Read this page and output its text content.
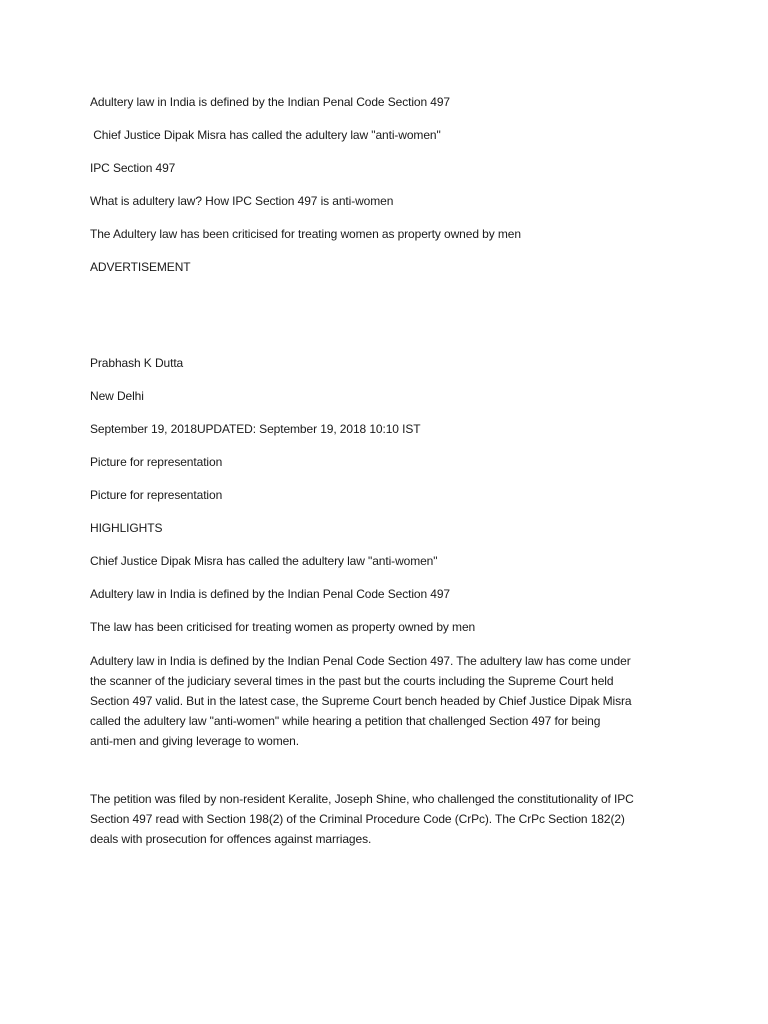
Adultery law in India is defined by the Indian Penal Code Section 497

Chief Justice Dipak Misra has called the adultery law "anti-women"

IPC Section 497

What is adultery law? How IPC Section 497 is anti-women

The Adultery law has been criticised for treating women as property owned by men

ADVERTISEMENT

Prabhash K Dutta

New Delhi

September 19, 2018UPDATED: September 19, 2018 10:10 IST

Picture for representation

Picture for representation

HIGHLIGHTS

Chief Justice Dipak Misra has called the adultery law "anti-women"

Adultery law in India is defined by the Indian Penal Code Section 497

The law has been criticised for treating women as property owned by men

Adultery law in India is defined by the Indian Penal Code Section 497. The adultery law has come under

the scanner of the judiciary several times in the past but the courts including the Supreme Court held

Section 497 valid. But in the latest case, the Supreme Court bench headed by Chief Justice Dipak Misra

called the adultery law "anti-women" while hearing a petition that challenged Section 497 for being

anti-men and giving leverage to women.

The petition was filed by non-resident Keralite, Joseph Shine, who challenged the constitutionality of IPC

Section 497 read with Section 198(2) of the Criminal Procedure Code (CrPc). The CrPc Section 182(2)

deals with prosecution for offences against marriages.
